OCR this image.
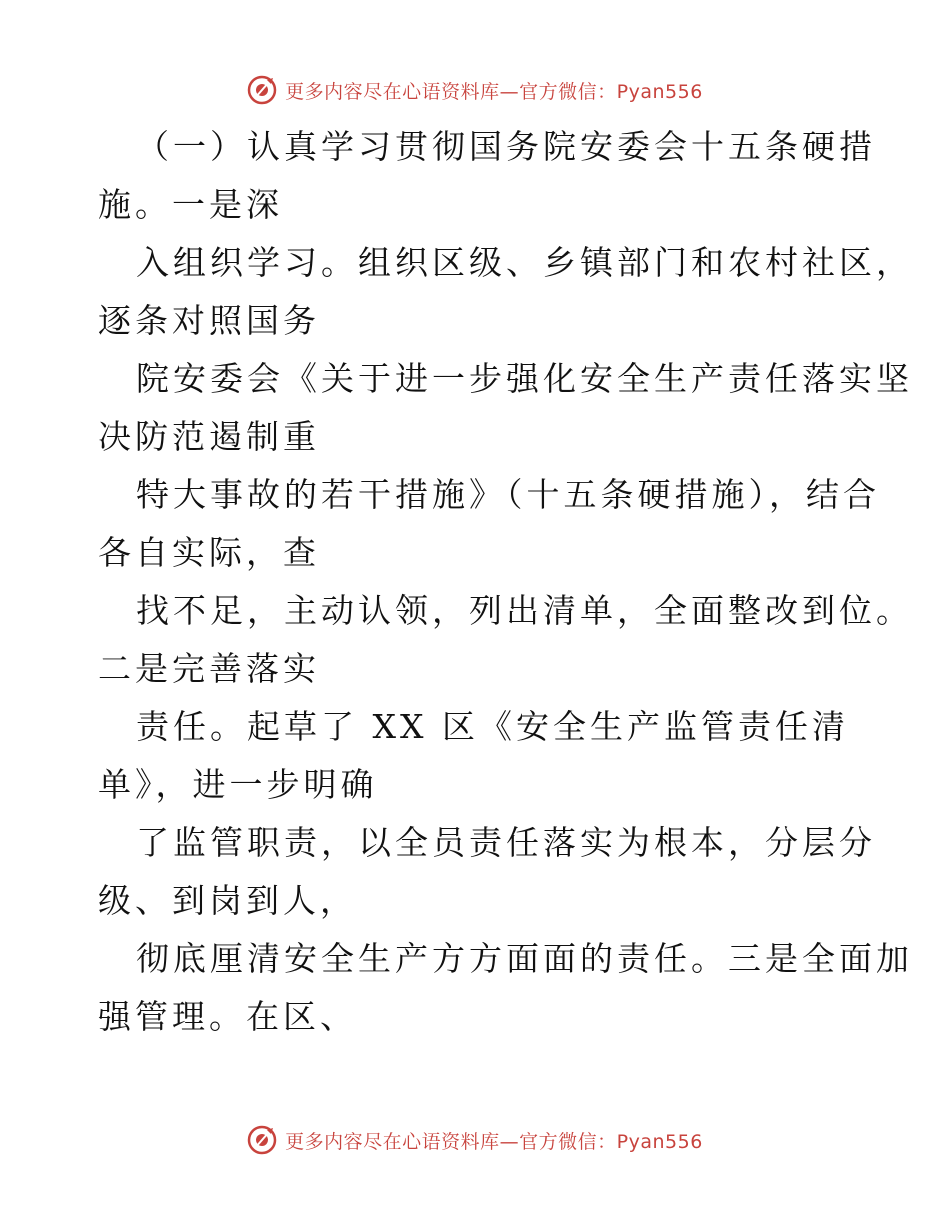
更多内容尽在心语资料库—官方微信：Pyan556
（一）认真学习贯彻国务院安委会十五条硬措
施。一是深
入组织学习。组织区级、乡镇部门和农村社区，
逐条对照国务
院安委会《关于进一步强化安全生产责任落实坚
决防范遏制重
特大事故的若干措施》（十五条硬措施），结合
各自实际，查
找不足，主动认领，列出清单，全面整改到位。
二是完善落实
责任。起草了 XX 区《安全生产监管责任清
单》，进一步明确
了监管职责，以全员责任落实为根本，分层分
级、到岗到人，
彻底厘清安全生产方方面面的责任。三是全面加
强管理。在区、
更多内容尽在心语资料库—官方微信：Pyan556
